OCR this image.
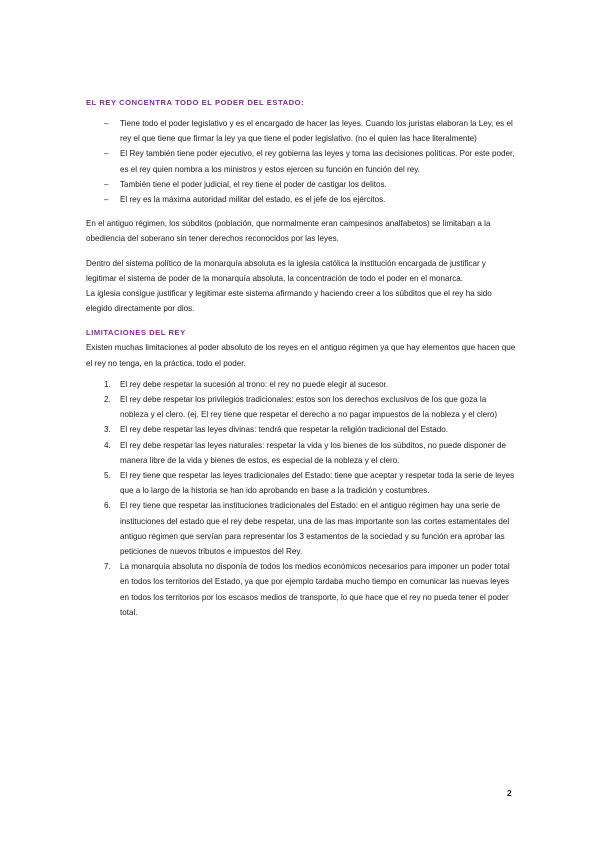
EL REY CONCENTRA TODO EL PODER DEL ESTADO:
– Tiene todo el poder legislativo y es el encargado de hacer las leyes. Cuando los juristas elaboran la Ley, es el rey el que tiene que firmar la ley ya que tiene el poder legislativo. (no el quien las hace literalmente)
– El Rey también tiene poder ejecutivo, el rey gobierna las leyes y toma las decisiones políticas. Por este poder, es el rey quien nombra a los ministros y estos ejercen su función en función del rey.
– También tiene el poder judicial, el rey tiene el poder de castigar los delitos.
– El rey es la máxima autoridad militar del estado, es el jefe de los ejércitos.

En el antiguo régimen, los súbditos (población, que normalmente eran campesinos analfabetos) se limitaban a la obediencia del soberano sin tener derechos reconocidos por las leyes.

Dentro del sistema político de la monarquía absoluta es la iglesia católica la institución encargada de justificar y legitimar el sistema de poder de la monarquía absoluta, la concentración de todo el poder en el monarca.

La iglesia consigue justificar y legitimar este sistema afirmando y haciendo creer a los súbditos que el rey ha sido elegido directamente por dios.

LIMITACIONES DEL REY

Existen muchas limitaciones al poder absoluto de los reyes en el antiguo régimen ya que hay elementos que hacen que el rey no tenga, en la práctica, todo el poder.

1. El rey debe respetar la sucesión al trono: el rey no puede elegir al sucesor.
2. El rey debe respetar los privilegios tradicionales: estos son los derechos exclusivos de los que goza la nobleza y el clero. (ej. El rey tiene que respetar el derecho a no pagar impuestos de la nobleza y el clero)
3. El rey debe respetar las leyes divinas: tendrá que respetar la religión tradicional del Estado.
4. El rey debe respetar las leyes naturales: respetar la vida y los bienes de los súbditos, no puede disponer de manera libre de la vida y bienes de estos, es especial de la nobleza y el clero.
5. El rey tiene que respetar las leyes tradicionales del Estado: tiene que aceptar y respetar toda la serie de leyes que a lo largo de la historia se han ido aprobando en base a la tradición y costumbres.
6. El rey tiene que respetar las instituciones tradicionales del Estado: en el antiguo régimen hay una serie de instituciones del estado que el rey debe respetar, una de las mas importante son las cortes estamentales del antiguo régimen que servían para representar los 3 estamentos de la sociedad y su función era aprobar las peticiones de nuevos tributos e impuestos del Rey.
7. La monarquía absoluta no disponía de todos los medios económicos necesarios para imponer un poder total en todos los territorios del Estado, ya que por ejemplo tardaba mucho tiempo en comunicar las nuevas leyes en todos los territorios por los escasos medios de transporte, lo que hace que el rey no pueda tener el poder total.
2
